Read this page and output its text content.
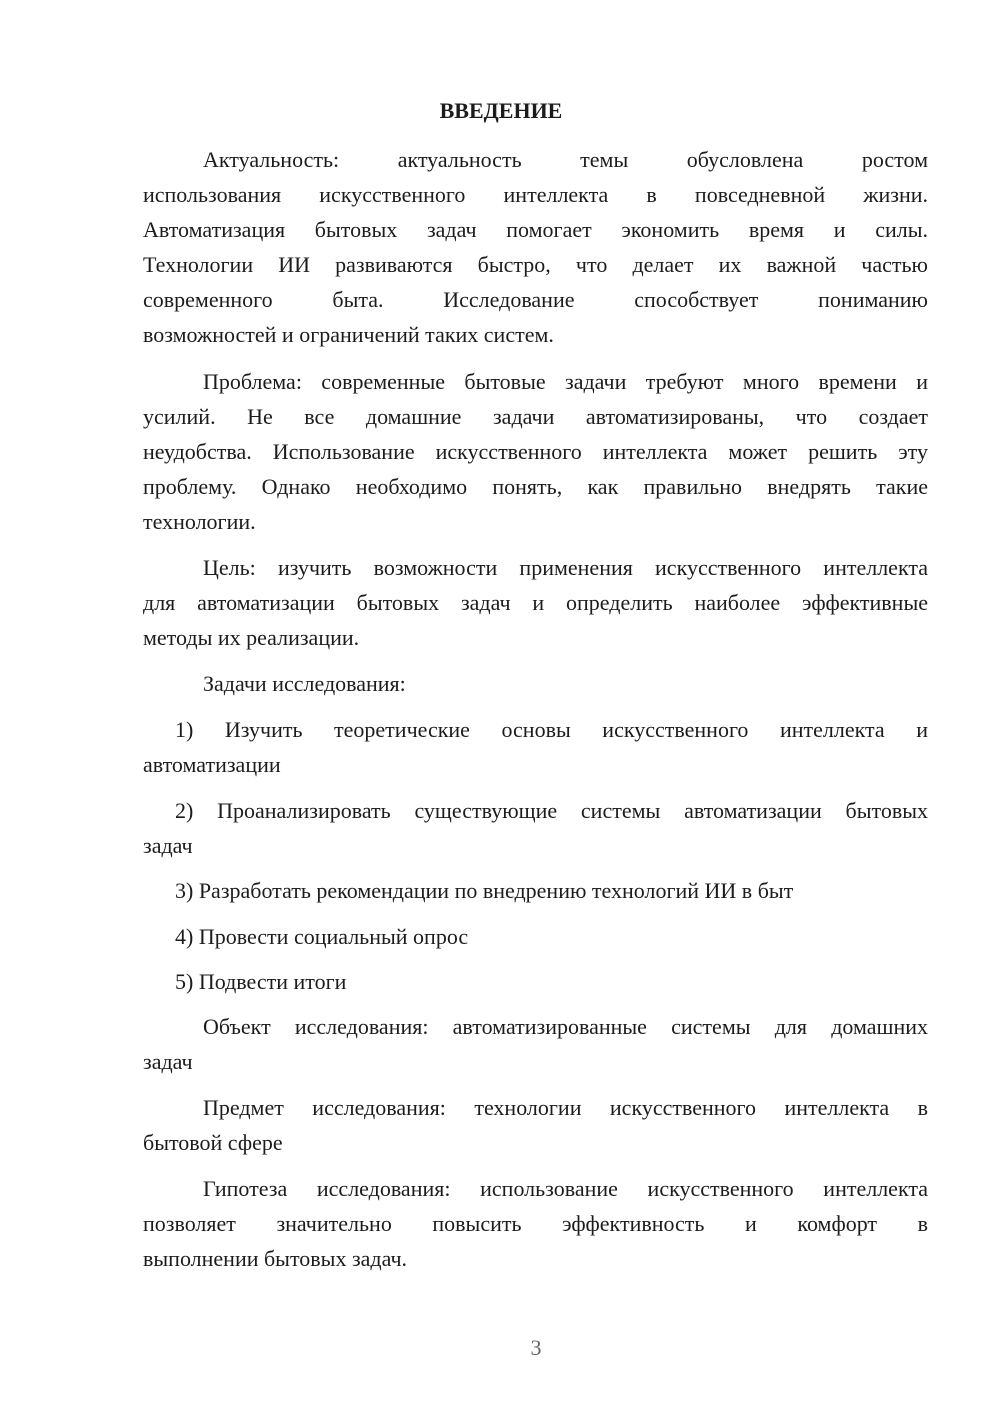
ВВЕДЕНИЕ
Актуальность: актуальность темы обусловлена ростом
использования искусственного интеллекта в повседневной жизни.
Автоматизация бытовых задач помогает экономить время и силы.
Технологии ИИ развиваются быстро, что делает их важной частью
современного быта. Исследование способствует пониманию
возможностей и ограничений таких систем.
Проблема: современные бытовые задачи требуют много времени и
усилий. Не все домашние задачи автоматизированы, что создает
неудобства. Использование искусственного интеллекта может решить эту
проблему. Однако необходимо понять, как правильно внедрять такие
технологии.
Цель: изучить возможности применения искусственного интеллекта
для автоматизации бытовых задач и определить наиболее эффективные
методы их реализации.
Задачи исследования:
1) Изучить теоретические основы искусственного интеллекта и
автоматизации
2) Проанализировать существующие системы автоматизации бытовых
задач
3) Разработать рекомендации по внедрению технологий ИИ в быт
4) Провести социальный опрос
5) Подвести итоги
Объект исследования: автоматизированные системы для домашних
задач
Предмет исследования: технологии искусственного интеллекта в
бытовой сфере
Гипотеза исследования: использование искусственного интеллекта
позволяет значительно повысить эффективность и комфорт в
выполнении бытовых задач.
3
